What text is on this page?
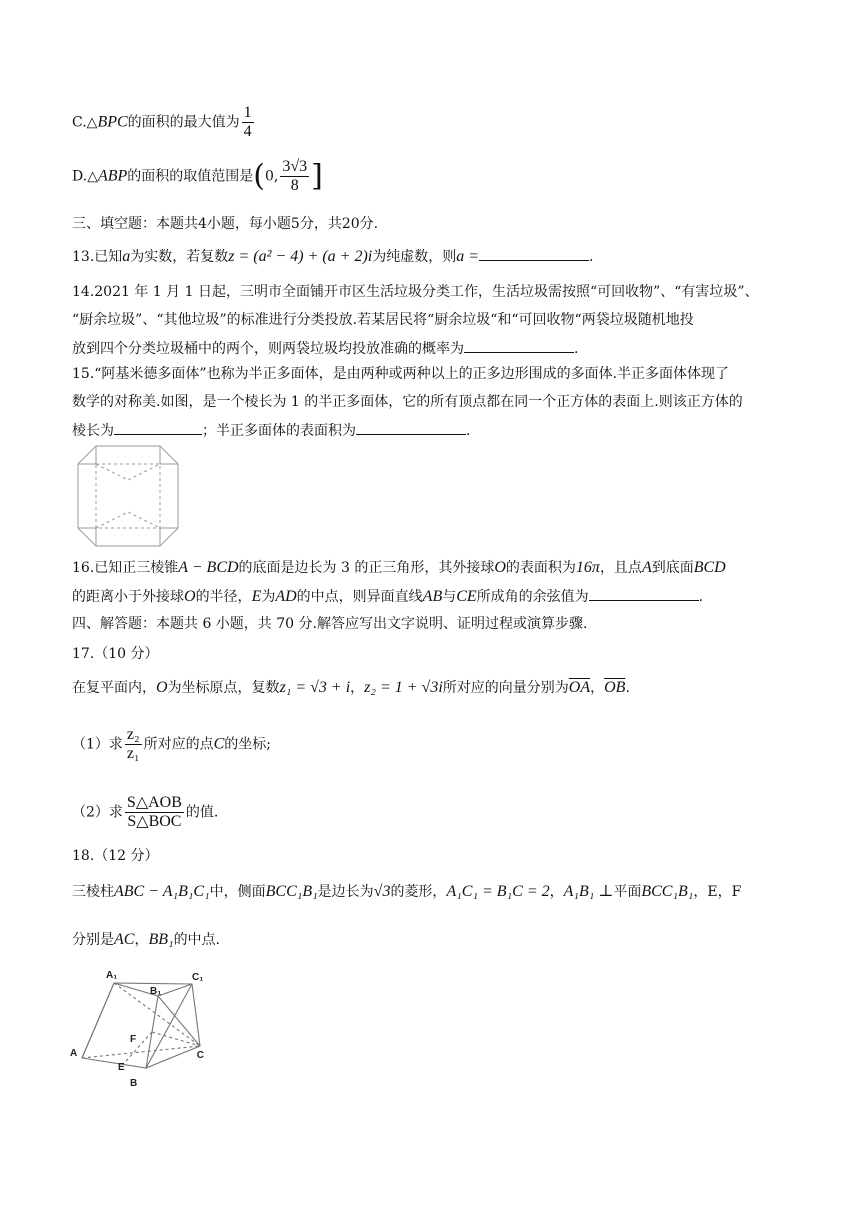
C.△BPC的面积的最大值为 $\frac{1}{4}$
D.△ABP的面积的取值范围是(0, $\frac{3√3}{8}$ ]
三、填空题：本题共4小题，每小题5分，共20分.
13.已知a为实数，若复数z = (a² − 4) + (a + 2)i为纯虚数，则a =	.
14.2021 年 1 月 1 日起，三明市全面铺开市区生活垃圾分类工作，生活垃圾需按照“可回收物”、“有害垃圾”、
“厨余垃圾”、“其他垃圾”的标准进行分类投放.若某居民将“厨余垃圾“和“可回收物“两袋垃圾随机地投
放到四个分类垃圾桶中的两个，则两袋垃圾均投放准确的概率为	.
15.“阿基米德多面体”也称为半正多面体，是由两种或两种以上的正多边形围成的多面体.半正多面体体现了
数学的对称美.如图，是一个棱长为 1 的半正多面体，它的所有顶点都在同一个正方体的表面上.则该正方体的
棱长为	；半正多面体的表面积为	.
16.已知正三棱锥A − BCD的底面是边长为 3 的正三角形，其外接球O的表面积为16π，且点A到底面BCD
的距离小于外接球O的半径，E为AD的中点，则异面直线AB与CE所成角的余弦值为	.
四、解答题：本题共 6 小题，共 70 分.解答应写出文字说明、证明过程或演算步骤.
17.（10 分）
在复平面内，O为坐标原点，复数z₁ = √3 + i，z₂ = 1 + √3i所对应的向量分别为$\overline{OA}$，$\overline{OB}$.
（1）求 $\frac{\text{z₂}}{\text{z₁}}$ 所对应的点C的坐标;
（2）求 $\frac{\text{S△AOB}}{\text{S△BOC}}$ 的值.
18.（12 分）
三棱柱ABC − A₁B₁C₁中，侧面BCC₁B₁是边长为√3的菱形，A₁C₁ = B₁C = 2，A₁B₁ ⊥平面BCC₁B₁，E，F
分别是AC，BB₁的中点.
A₁	C₁
B₁
F
A
E
C
B
